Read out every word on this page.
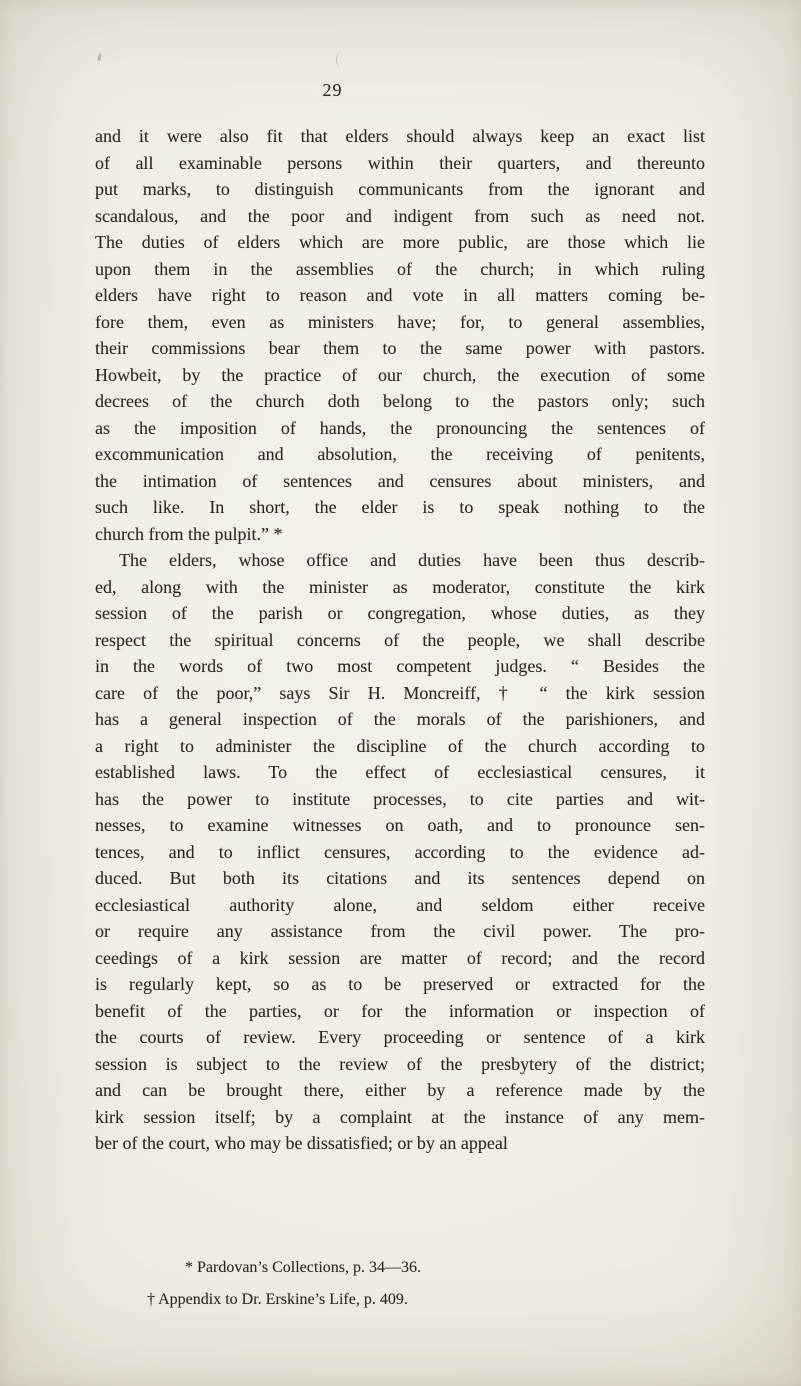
29
and it were also fit that elders should always keep an exact list
of all examinable persons within their quarters, and thereunto
put marks, to distinguish communicants from the ignorant and
scandalous, and the poor and indigent from such as need not.
The duties of elders which are more public, are those which lie
upon them in the assemblies of the church; in which ruling
elders have right to reason and vote in all matters coming be-
fore them, even as ministers have; for, to general assemblies,
their commissions bear them to the same power with pastors.
Howbeit, by the practice of our church, the execution of some
decrees of the church doth belong to the pastors only; such
as the imposition of hands, the pronouncing the sentences of
excommunication and absolution, the receiving of penitents,
the intimation of sentences and censures about ministers, and
such like. In short, the elder is to speak nothing to the
church from the pulpit.” *
The elders, whose office and duties have been thus describ-
ed, along with the minister as moderator, constitute the kirk
session of the parish or congregation, whose duties, as they
respect the spiritual concerns of the people, we shall describe
in the words of two most competent judges. “ Besides the
care of the poor,” says Sir H. Moncreiff, † “ the kirk session
has a general inspection of the morals of the parishioners, and
a right to administer the discipline of the church according to
established laws. To the effect of ecclesiastical censures, it
has the power to institute processes, to cite parties and wit-
nesses, to examine witnesses on oath, and to pronounce sen-
tences, and to inflict censures, according to the evidence ad-
duced. But both its citations and its sentences depend on
ecclesiastical authority alone, and seldom either receive
or require any assistance from the civil power. The pro-
ceedings of a kirk session are matter of record; and the record
is regularly kept, so as to be preserved or extracted for the
benefit of the parties, or for the information or inspection of
the courts of review. Every proceeding or sentence of a kirk
session is subject to the review of the presbytery of the district;
and can be brought there, either by a reference made by the
kirk session itself; by a complaint at the instance of any mem-
ber of the court, who may be dissatisfied; or by an appeal
* Pardovan’s Collections, p. 34—36.
† Appendix to Dr. Erskine’s Life, p. 409.
